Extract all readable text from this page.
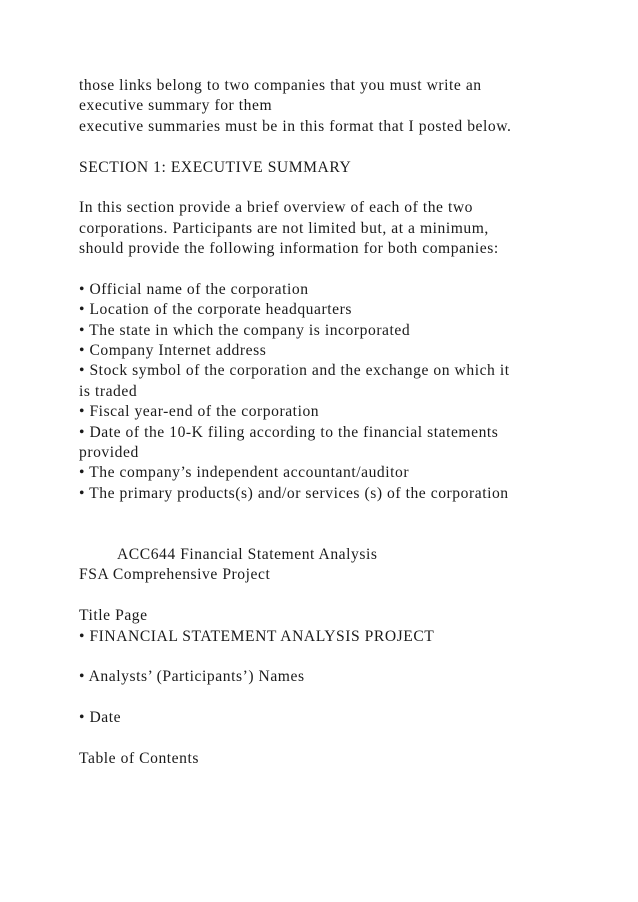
those links belong to two companies that you must write an
executive summary for them
executive summaries must be in this format that I posted below.
SECTION 1: EXECUTIVE SUMMARY
In this section provide a brief overview of each of the two
corporations. Participants are not limited but, at a minimum,
should provide the following information for both companies:
• Official name of the corporation
• Location of the corporate headquarters
• The state in which the company is incorporated
• Company Internet address
• Stock symbol of the corporation and the exchange on which it
is traded
• Fiscal year-end of the corporation
• Date of the 10-K filing according to the financial statements
provided
• The company’s independent accountant/auditor
• The primary products(s) and/or services (s) of the corporation
ACC644 Financial Statement Analysis
FSA Comprehensive Project
Title Page
• FINANCIAL STATEMENT ANALYSIS PROJECT
• Analysts’ (Participants’) Names
• Date
Table of Contents
